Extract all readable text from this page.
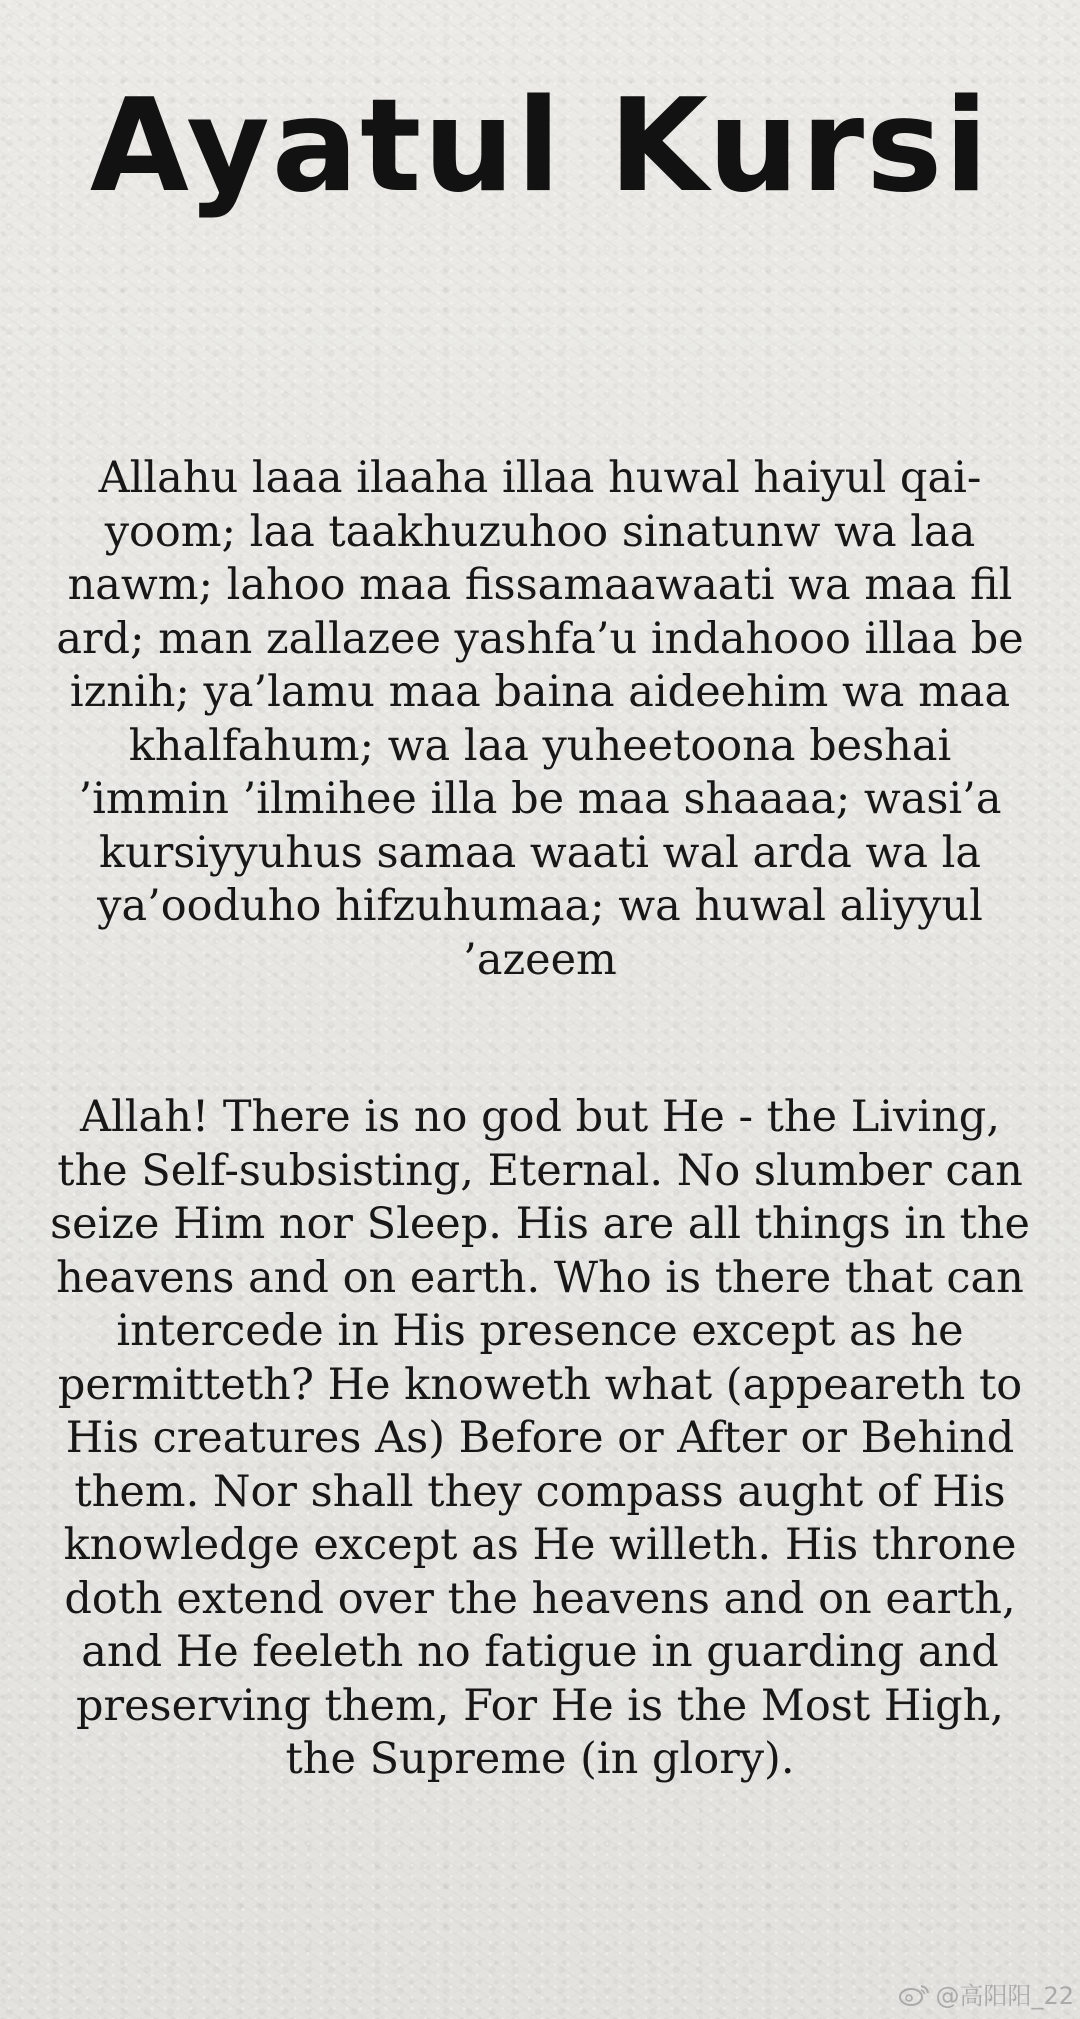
Ayatul Kursi

Allahu laaa ilaaha illaa huwal haiyul qai-yoom; laa taakhuzuhoo sinatunw wa laa nawm; lahoo maa fissamaawaati wa maa fil ard; man zallazee yashfa’u indahooo illaa be iznih; ya’lamu maa baina aideehim wa maa khalfahum; wa laa yuheetoona beshai ’immin ’ilmihee illa be maa shaaaa; wasi’a kursiyyuhus samaa waati wal arda wa la ya’ooduho hifzuhumaa; wa huwal aliyyul ’azeem

Allah! There is no god but He - the Living, the Self-subsisting, Eternal. No slumber can seize Him nor Sleep. His are all things in the heavens and on earth. Who is there that can intercede in His presence except as he permitteth? He knoweth what (appeareth to His creatures As) Before or After or Behind them. Nor shall they compass aught of His knowledge except as He willeth. His throne doth extend over the heavens and on earth, and He feeleth no fatigue in guarding and preserving them, For He is the Most High, the Supreme (in glory).

@高阳阳_22
